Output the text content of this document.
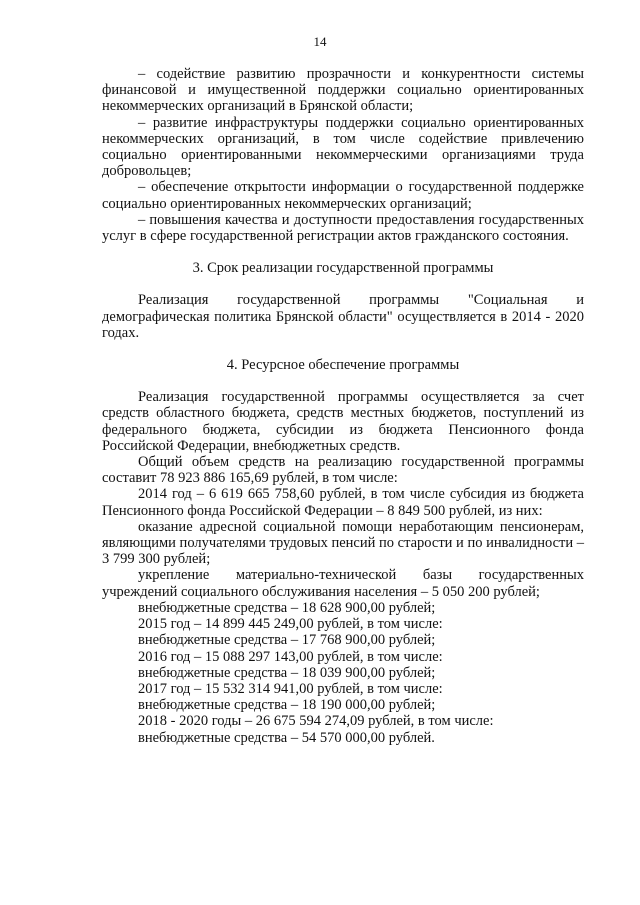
14

– содействие развитию прозрачности и конкурентности системы финансовой и имущественной поддержки социально ориентированных некоммерческих организаций в Брянской области;

– развитие инфраструктуры поддержки социально ориентированных некоммерческих организаций, в том числе содействие привлечению социально ориентированными некоммерческими организациями труда добровольцев;

– обеспечение открытости информации о государственной поддержке социально ориентированных некоммерческих организаций;

– повышения качества и доступности предоставления государственных услуг в сфере государственной регистрации актов гражданского состояния.

3. Срок реализации государственной программы

Реализация государственной программы "Социальная и демографическая политика Брянской области" осуществляется в 2014 - 2020 годах.

4. Ресурсное обеспечение программы

Реализация государственной программы осуществляется за счет средств областного бюджета, средств местных бюджетов, поступлений из федерального бюджета, субсидии из бюджета Пенсионного фонда Российской Федерации, внебюджетных средств.

Общий объем средств на реализацию государственной программы составит 78 923 886 165,69 рублей, в том числе:

2014 год – 6 619 665 758,60 рублей, в том числе субсидия из бюджета Пенсионного фонда Российской Федерации – 8 849 500 рублей, из них:

оказание адресной социальной помощи неработающим пенсионерам, являющими получателями трудовых пенсий по старости и по инвалидности – 3 799 300 рублей;

укрепление материально-технической базы государственных учреждений социального обслуживания населения – 5 050 200 рублей;

внебюджетные средства – 18 628 900,00 рублей;

2015 год – 14 899 445 249,00 рублей, в том числе:

внебюджетные средства – 17 768 900,00 рублей;

2016 год – 15 088 297 143,00 рублей, в том числе:

внебюджетные средства – 18 039 900,00 рублей;

2017 год – 15 532 314 941,00 рублей, в том числе:

внебюджетные средства – 18 190 000,00 рублей;

2018 - 2020 годы – 26 675 594 274,09 рублей, в том числе:

внебюджетные средства – 54 570 000,00 рублей.
